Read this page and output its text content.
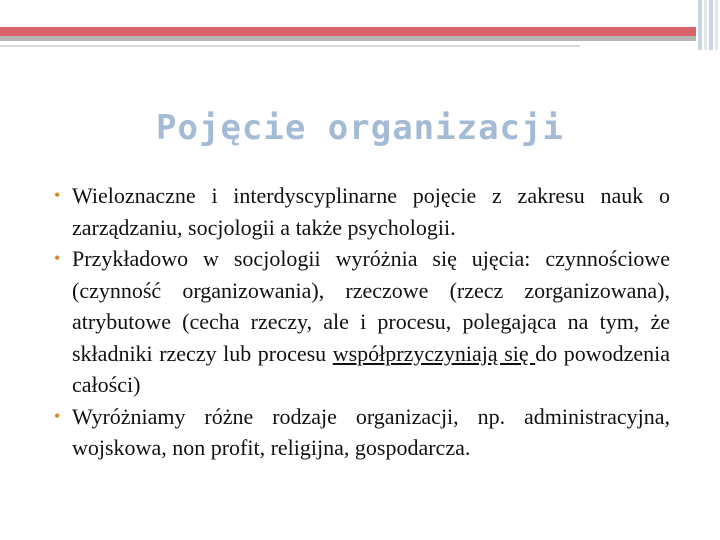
Pojęcie organizacji
• Wieloznaczne i interdyscyplinarne pojęcie z zakresu nauk o zarządzaniu, socjologii a także psychologii.
• Przykładowo w socjologii wyróżnia się ujęcia: czynnościowe (czynność organizowania), rzeczowe (rzecz zorganizowana), atrybutowe (cecha rzeczy, ale i procesu, polegająca na tym, że składniki rzeczy lub procesu współprzyczyniają się do powodzenia całości)
• Wyróżniamy różne rodzaje organizacji, np. administracyjna, wojskowa, non profit, religijna, gospodarcza.
